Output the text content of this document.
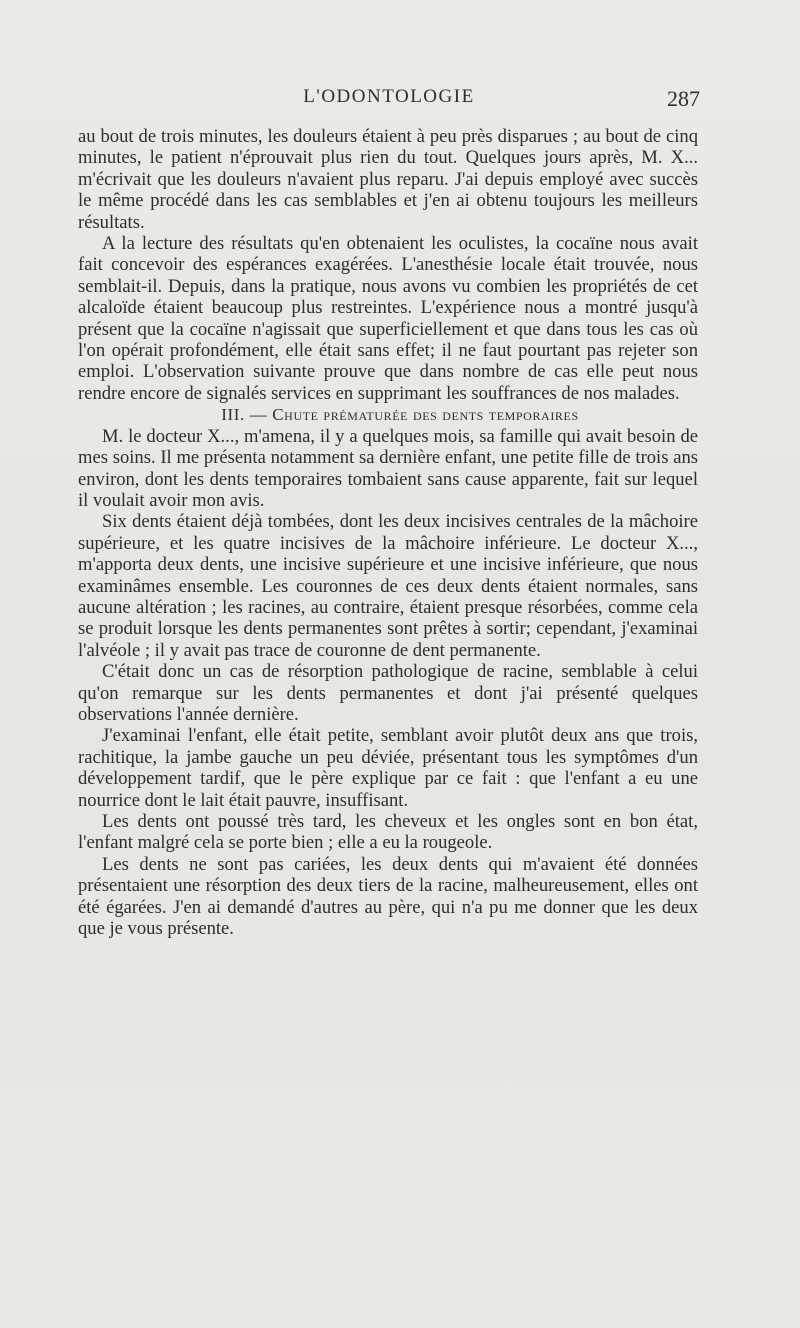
L'ODONTOLOGIE	287

au bout de trois minutes, les douleurs étaient à peu près disparues ; au bout de cinq minutes, le patient n'éprouvait plus rien du tout. Quelques jours après, M. X... m'écrivait que les douleurs n'avaient plus reparu. J'ai depuis employé avec succès le même procédé dans les cas semblables et j'en ai obtenu toujours les meilleurs résultats.

A la lecture des résultats qu'en obtenaient les oculistes, la cocaïne nous avait fait concevoir des espérances exagérées. L'anesthésie locale était trouvée, nous semblait-il. Depuis, dans la pratique, nous avons vu combien les propriétés de cet alcaloïde étaient beaucoup plus restreintes. L'expérience nous a montré jusqu'à présent que la cocaïne n'agissait que superficiellement et que dans tous les cas où l'on opérait profondément, elle était sans effet; il ne faut pourtant pas rejeter son emploi. L'observation suivante prouve que dans nombre de cas elle peut nous rendre encore de signalés services en supprimant les souffrances de nos malades.

III. — Chute prématurée des dents temporaires

M. le docteur X..., m'amena, il y a quelques mois, sa famille qui avait besoin de mes soins. Il me présenta notamment sa dernière enfant, une petite fille de trois ans environ, dont les dents temporaires tombaient sans cause apparente, fait sur lequel il voulait avoir mon avis.

Six dents étaient déjà tombées, dont les deux incisives centrales de la mâchoire supérieure, et les quatre incisives de la mâchoire inférieure. Le docteur X..., m'apporta deux dents, une incisive supérieure et une incisive inférieure, que nous examinâmes ensemble. Les couronnes de ces deux dents étaient normales, sans aucune altération ; les racines, au contraire, étaient presque résorbées, comme cela se produit lorsque les dents permanentes sont prêtes à sortir; cependant, j'examinai l'alvéole ; il y avait pas trace de couronne de dent permanente.

C'était donc un cas de résorption pathologique de racine, semblable à celui qu'on remarque sur les dents permanentes et dont j'ai présenté quelques observations l'année dernière.

J'examinai l'enfant, elle était petite, semblant avoir plutôt deux ans que trois, rachitique, la jambe gauche un peu déviée, présentant tous les symptômes d'un développement tardif, que le père explique par ce fait : que l'enfant a eu une nourrice dont le lait était pauvre, insuffisant.

Les dents ont poussé très tard, les cheveux et les ongles sont en bon état, l'enfant malgré cela se porte bien ; elle a eu la rougeole.

Les dents ne sont pas cariées, les deux dents qui m'avaient été données présentaient une résorption des deux tiers de la racine, malheureusement, elles ont été égarées. J'en ai demandé d'autres au père, qui n'a pu me donner que les deux que je vous présente.
